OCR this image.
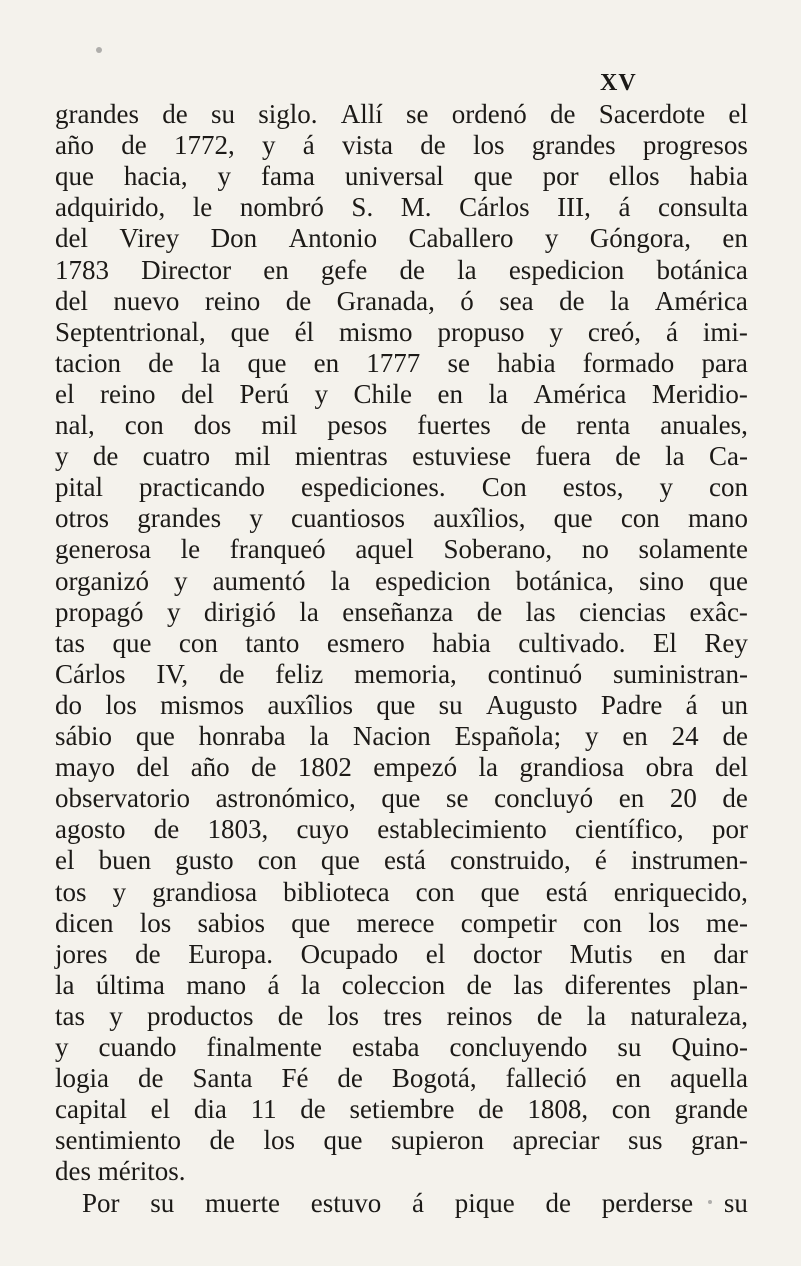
XV
grandes de su siglo. Allí se ordenó de Sacerdote el
año de 1772, y á vista de los grandes progresos
que hacia, y fama universal que por ellos habia
adquirido, le nombró S. M. Cárlos III, á consulta
del Virey Don Antonio Caballero y Góngora, en
1783 Director en gefe de la espedicion botánica
del nuevo reino de Granada, ó sea de la América
Septentrional, que él mismo propuso y creó, á imi-
tacion de la que en 1777 se habia formado para
el reino del Perú y Chile en la América Meridio-
nal, con dos mil pesos fuertes de renta anuales,
y de cuatro mil mientras estuviese fuera de la Ca-
pital practicando espediciones. Con estos, y con
otros grandes y cuantiosos auxîlios, que con mano
generosa le franqueó aquel Soberano, no solamente
organizó y aumentó la espedicion botánica, sino que
propagó y dirigió la enseñanza de las ciencias exâc-
tas que con tanto esmero habia cultivado. El Rey
Cárlos IV, de feliz memoria, continuó suministran-
do los mismos auxîlios que su Augusto Padre á un
sábio que honraba la Nacion Española; y en 24 de
mayo del año de 1802 empezó la grandiosa obra del
observatorio astronómico, que se concluyó en 20 de
agosto de 1803, cuyo establecimiento científico, por
el buen gusto con que está construido, é instrumen-
tos y grandiosa biblioteca con que está enriquecido,
dicen los sabios que merece competir con los me-
jores de Europa. Ocupado el doctor Mutis en dar
la última mano á la coleccion de las diferentes plan-
tas y productos de los tres reinos de la naturaleza,
y cuando finalmente estaba concluyendo su Quino-
logia de Santa Fé de Bogotá, falleció en aquella
capital el dia 11 de setiembre de 1808, con grande
sentimiento de los que supieron apreciar sus gran-
des méritos.
Por su muerte estuvo á pique de perderse su
